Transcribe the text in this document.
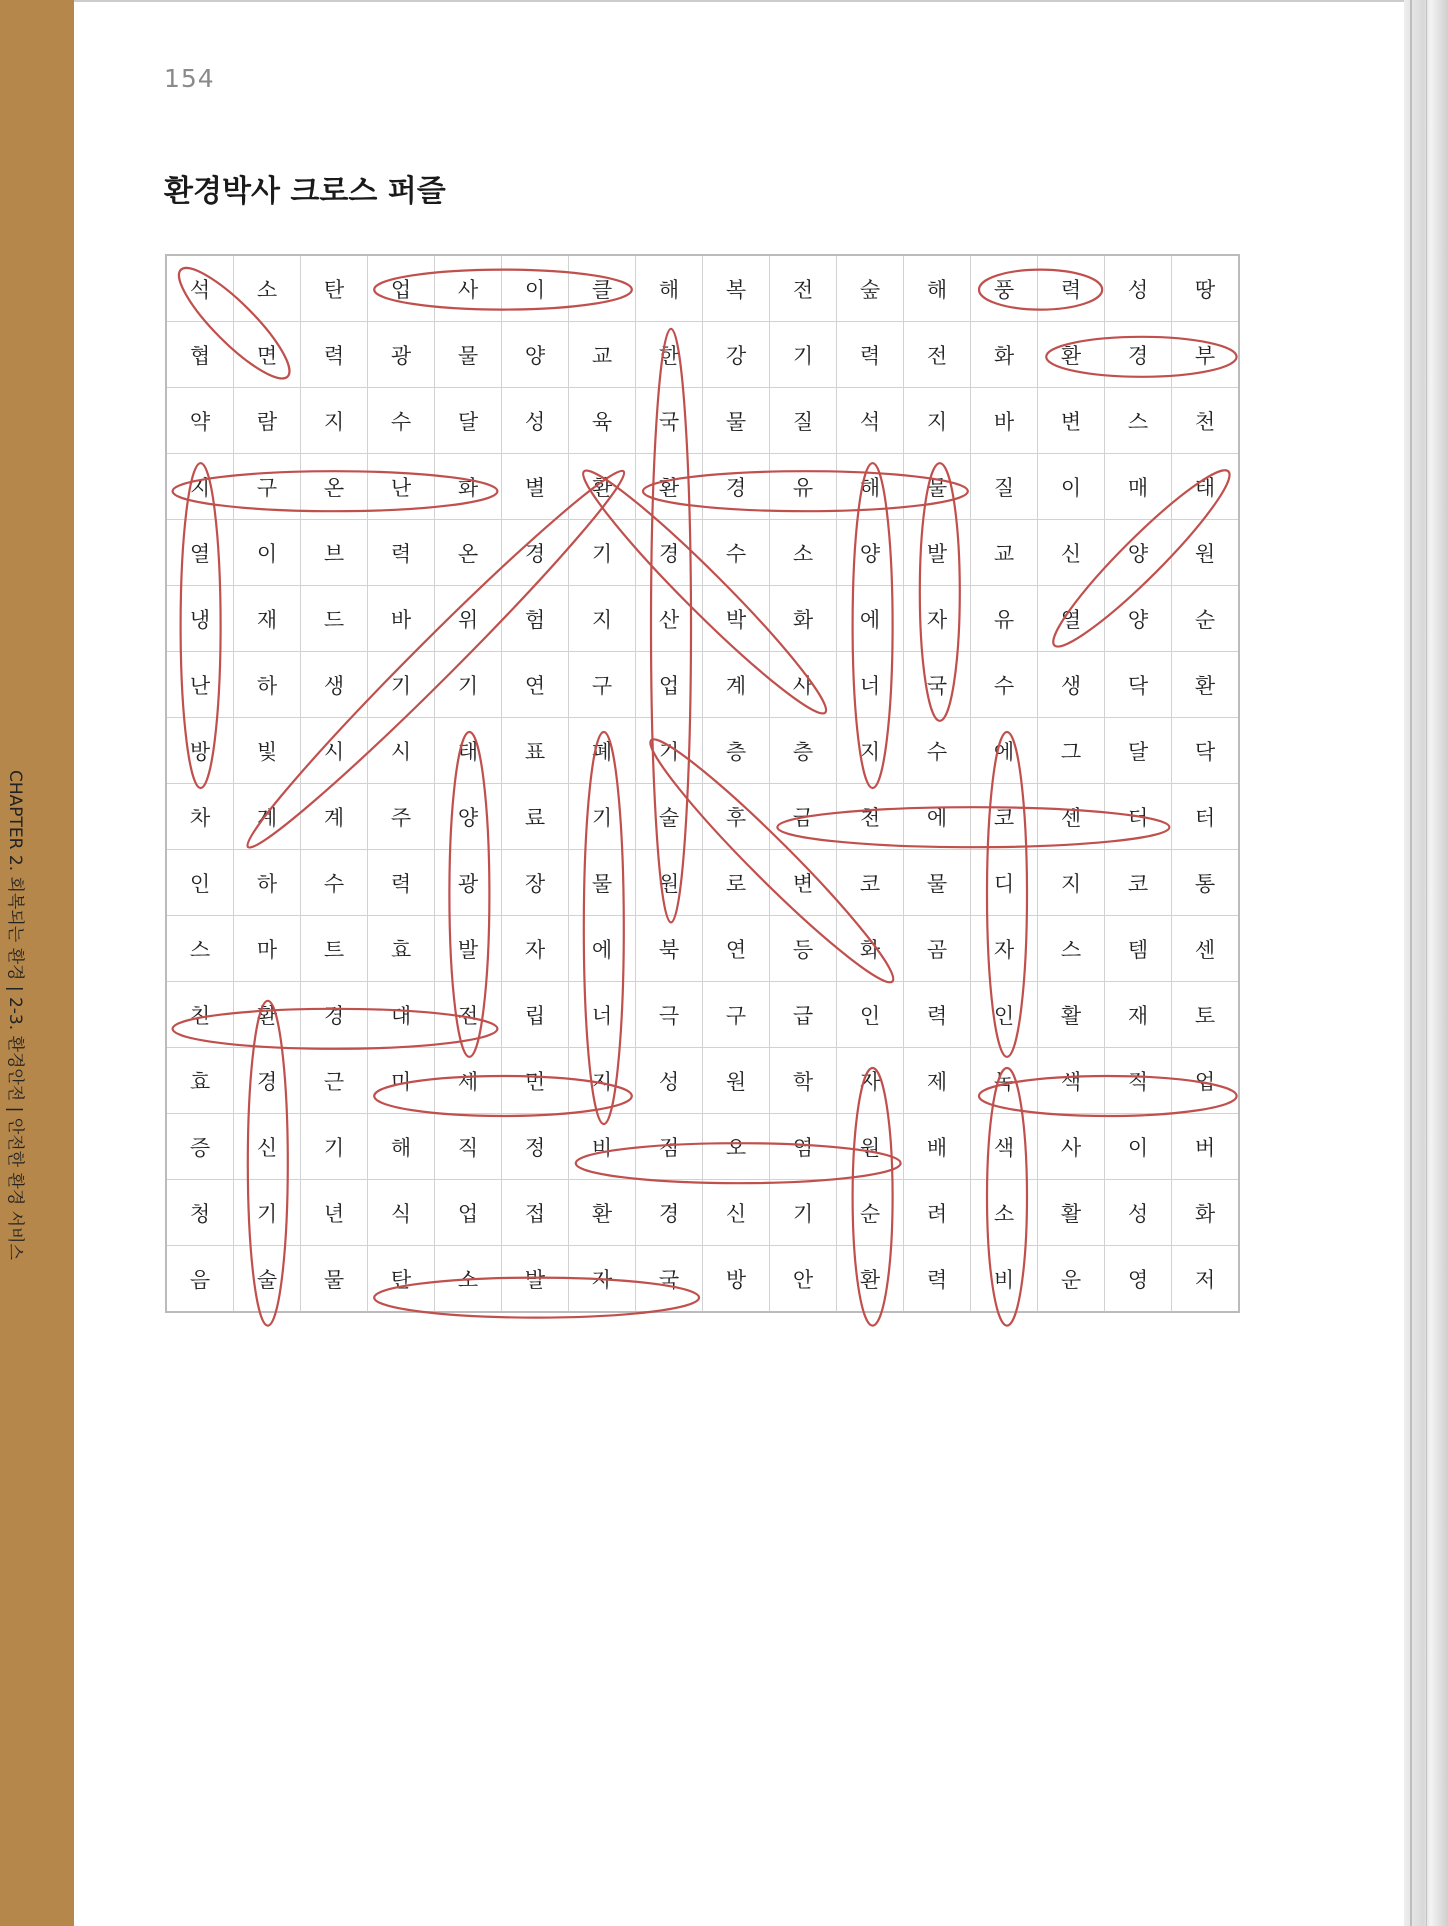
CHAPTER 2. 회복되는 환경 | 2-3. 환경안전 | 안전한 환경 서비스
154
환경박사 크로스 퍼즐
석	소	탄	업	사	이	클	해	복	전	숲	해	풍	력	성	땅
협	면	력	광	물	양	교	한	강	기	력	전	화	환	경	부
약	람	지	수	달	성	육	국	물	질	석	지	바	변	스	천
지	구	온	난	화	별	환	환	경	유	해	물	질	이	매	태
열	이	브	력	온	경	기	경	수	소	양	발	교	신	양	원
냉	재	드	바	위	험	지	산	박	화	에	자	유	열	양	순
난	하	생	기	기	연	구	업	계	사	너	국	수	생	닥	환
방	빛	시	시	태	표	폐	기	층	층	지	수	에	그	달	닥
차	계	계	주	양	료	기	술	후	금	천	에	코	센	터	터
인	하	수	력	광	장	물	원	로	변	코	물	디	지	코	통
스	마	트	효	발	자	에	북	연	등	화	곰	자	스	템	센
친	환	경	대	전	립	너	극	구	급	인	력	인	활	재	토
효	경	근	미	세	먼	지	성	원	학	자	제	녹	색	직	업
증	신	기	해	직	정	비	점	오	염	원	배	색	사	이	버
청	기	년	식	업	접	환	경	신	기	순	려	소	활	성	화
음	술	물	탄	소	발	자	국	방	안	환	력	비	운	영	저
